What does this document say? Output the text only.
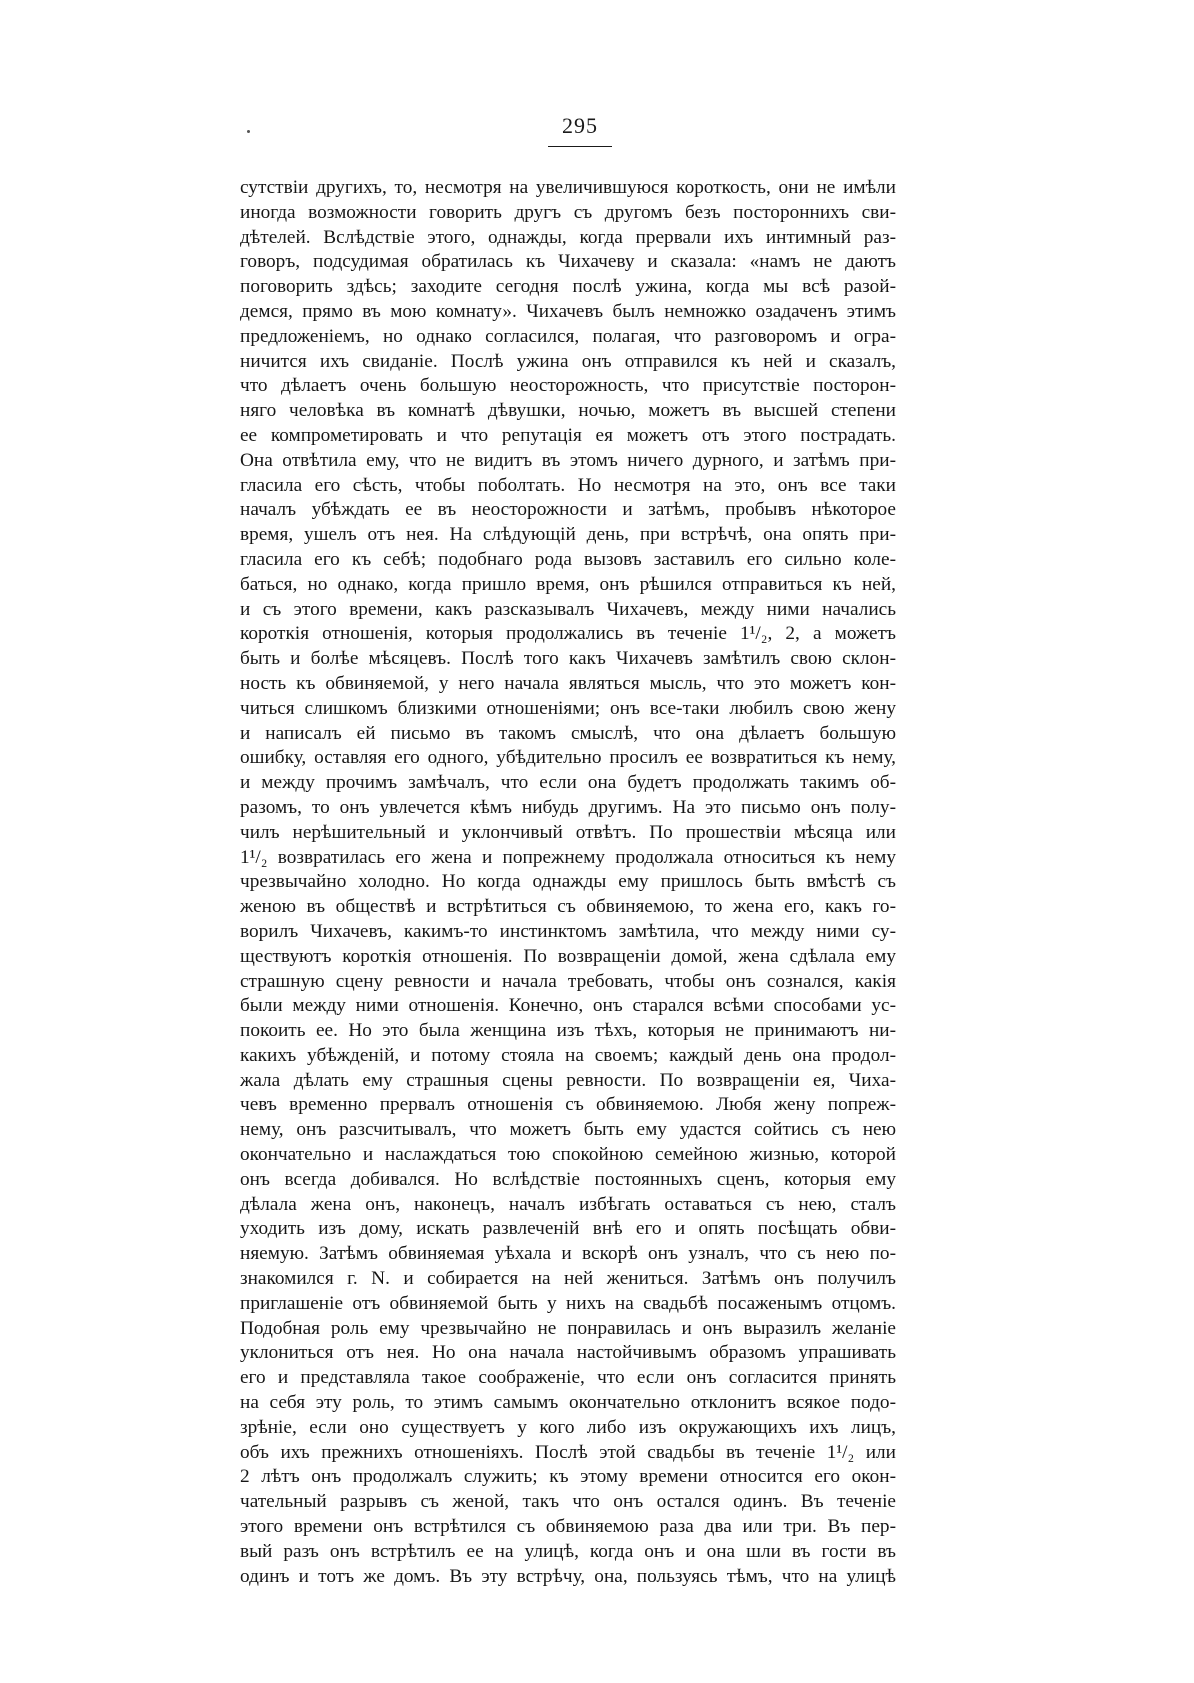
295
сутствiи другихъ, то, несмотря на увеличившуюся короткость, они не имѣли
иногда возможности говорить другъ съ другомъ безъ постороннихъ сви-
дѣтелей. Вслѣдствiе этого, однажды, когда прервали ихъ интимный раз-
говоръ, подсудимая обратилась къ Чихачеву и сказала: «намъ не даютъ
поговорить здѣсь; заходите сегодня послѣ ужина, когда мы всѣ разой-
демся, прямо въ мою комнату». Чихачевъ былъ немножко озадаченъ этимъ
предложенiемъ, но однако согласился, полагая, что разговоромъ и огра-
ничится ихъ свиданiе. Послѣ ужина онъ отправился къ ней и сказалъ,
что дѣлаетъ очень большую неосторожность, что присутствiе посторон-
няго человѣка въ комнатѣ дѣвушки, ночью, можетъ въ высшей степени
ее компрометировать и что репутацiя ея можетъ отъ этого пострадать.
Она отвѣтила ему, что не видитъ въ этомъ ничего дурного, и затѣмъ при-
гласила его сѣсть, чтобы поболтать. Но несмотря на это, онъ все таки
началъ убѣждать ее въ неосторожности и затѣмъ, пробывъ нѣкоторое
время, ушелъ отъ нея. На слѣдующiй день, при встрѣчѣ, она опять при-
гласила его къ себѣ; подобнаго рода вызовъ заставилъ его сильно коле-
баться, но однако, когда пришло время, онъ рѣшился отправиться къ ней,
и съ этого времени, какъ разсказывалъ Чихачевъ, между ними начались
короткiя отношенiя, которыя продолжались въ теченiе 1¹/₂, 2, а можетъ
быть и болѣе мѣсяцевъ. Послѣ того какъ Чихачевъ замѣтилъ свою склон-
ность къ обвиняемой, у него начала являться мысль, что это можетъ кон-
читься слишкомъ близкими отношенiями; онъ все-таки любилъ свою жену
и написалъ ей письмо въ такомъ смыслѣ, что она дѣлаетъ большую
ошибку, оставляя его одного, убѣдительно просилъ ее возвратиться къ нему,
и между прочимъ замѣчалъ, что если она будетъ продолжать такимъ об-
разомъ, то онъ увлечется кѣмъ нибудь другимъ. На это письмо онъ полу-
чилъ нерѣшительный и уклончивый отвѣтъ. По прошествiи мѣсяца или
1¹/₂ возвратилась его жена и попрежнему продолжала относиться къ нему
чрезвычайно холодно. Но когда однажды ему пришлось быть вмѣстѣ съ
женою въ обществѣ и встрѣтиться съ обвиняемою, то жена его, какъ го-
ворилъ Чихачевъ, какимъ-то инстинктомъ замѣтила, что между ними су-
ществуютъ короткiя отношенiя. По возвращенiи домой, жена сдѣлала ему
страшную сцену ревности и начала требовать, чтобы онъ сознался, какiя
были между ними отношенiя. Конечно, онъ старался всѣми способами ус-
покоить ее. Но это была женщина изъ тѣхъ, которыя не принимаютъ ни-
какихъ убѣжденiй, и потому стояла на своемъ; каждый день она продол-
жала дѣлать ему страшныя сцены ревности. По возвращенiи ея, Чиха-
чевъ временно прервалъ отношенiя съ обвиняемою. Любя жену попреж-
нему, онъ разсчитывалъ, что можетъ быть ему удастся сойтись съ нею
окончательно и наслаждаться тою спокойною семейною жизнью, которой
онъ всегда добивался. Но вслѣдствiе постоянныхъ сценъ, которыя ему
дѣлала жена онъ, наконецъ, началъ избѣгать оставаться съ нею, сталъ
уходить изъ дому, искать развлеченiй внѣ его и опять посѣщать обви-
няемую. Затѣмъ обвиняемая уѣхала и вскорѣ онъ узналъ, что съ нею по-
знакомился г. N. и собирается на ней жениться. Затѣмъ онъ получилъ
приглашенiе отъ обвиняемой быть у нихъ на свадьбѣ посаженымъ отцомъ.
Подобная роль ему чрезвычайно не понравилась и онъ выразилъ желанiе
уклониться отъ нея. Но она начала настойчивымъ образомъ упрашивать
его и представляла такое соображенiе, что если онъ согласится принять
на себя эту роль, то этимъ самымъ окончательно отклонитъ всякое подо-
зрѣнiе, если оно существуетъ у кого либо изъ окружающихъ ихъ лицъ,
объ ихъ прежнихъ отношенiяхъ. Послѣ этой свадьбы въ теченiе 1¹/₂ или
2 лѣтъ онъ продолжалъ служить; къ этому времени относится его окон-
чательный разрывъ съ женой, такъ что онъ остался одинъ. Въ теченiе
этого времени онъ встрѣтился съ обвиняемою раза два или три. Въ пер-
вый разъ онъ встрѣтилъ ее на улицѣ, когда онъ и она шли въ гости въ
одинъ и тотъ же домъ. Въ эту встрѣчу, она, пользуясь тѣмъ, что на улицѣ
